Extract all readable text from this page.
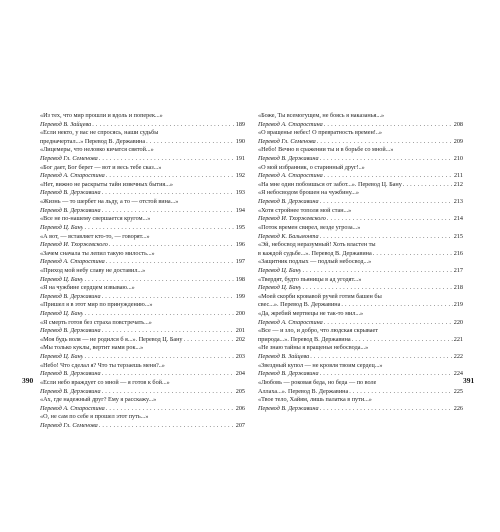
«Из тех, что мир прошли и вдоль и поперек...»
Перевод В. Зайцева . . .	189
«Если некто, у вас не спросясь, наши судьбы
предначертал...» Перевод В. Державина . . .	190
«Лицемеры, что неловко кичатся святой...»
Перевод Гл. Семенова . . .	191
«Бог дает, Бог берет — вот и весь тебе сказ...»
Перевод А. Старостина . . .	192
«Нет, вижно не раскрыты тайн извечных бытия...»
Перевод В. Державина . . .	193
«Жизнь — то шербет на льду, а то — отстой вина...»
Перевод В. Державина . . .	194
«Все не по-нашему свершается кругом...»
Перевод Ц. Бану . . .	195
«А вот, — вставляет кто-то, — говорят...»
Перевод И. Тхоржевского . . .	196
«Зачем сначала ты лепил такую милость...»
Перевод А. Старостина . . .	197
«Приход мой небу славу не доставил...»
Перевод Ц. Бану . . .	198
«Я на чужбине сердцем извываю...»
Перевод В. Державина . . .	199
«Пришел я в этот мир по принуждению...»
Перевод Ц. Бану . . .	200
«Я смерть готов без страха повстречать...»
Перевод В. Державина . . .	201
«Моя будь воля — не родился б я...». Перевод Ц. Бану . . .	202
«Мы только куклы, вертит нами рок...»
Перевод Ц. Бану . . .	203
«Небо! Что сделал я? Что ты терзаешь меня?..»
Перевод В. Державина . . .	204
«Если небо враждует со мной — я готов к бой...»
Перевод В. Державина . . .	205
«Ах, где надежный друг? Ему я расскажу...»
Перевод А. Старостина . . .	206
«О, не сам по себе я прошел этот путь...»
Перевод Гл. Семенова . . .	207
«Боже, Ты всемогущем, не боясь я наказанья...»
Перевод А. Старостина . . .	208
«О вращенье небес! О превратность времен!..»
Перевод Гл. Семенова . . .	209
«Небо! Вечно в сражении ты и в борьбе со мной...»
Перевод В. Державина . . .	210
«О мой избранник, о старинный друг!..»
Перевод А. Старостина . . .	211
«На мне один побоишься от забот...». Перевод Ц. Бану . . .	212
«Я небосводом брошен на чужбину...»
Перевод В. Державина . . .	213
«Хотя стройнее тополя мой стан...»
Перевод И. Тхоржевского . . .	214
«Поток времен свирел, везде угроза...»
Перевод К. Бальмонта . . .	215
«Эй, небосвод неразумный! Хоть властен ты
в каждой судьбе...». Перевод В. Державина . . .	216
«Защитник подлых — подлый небосвод...»
Перевод Ц. Бану . . .	217
«Твердят, будто пьяницы в ад угодят...»
Перевод Ц. Бану . . .	218
«Моей скорби кровавой ручей готим башен бы
свес...». Перевод В. Державина . . .	219
«Да, жребий мертвецы не так-то мил...»
Перевод А. Старостина . . .	220
«Все — и зло, и добро, что людская скрывает
природа...». Перевод В. Державина . . .	221
«Не знаю тайны я вращенья небосвода...»
Перевод В. Зайцева . . .	222
«Звездный купол — не кровля твоим сердец...»
Перевод В. Державина . . .	224
«Любовь — роковая беда, но беда — по воле
Аллаха...». Перевод В. Державина . . .	225
«Твое тело, Хайям, лишь палатка в пути...»
Перевод В. Державина . . .	226
390	391
